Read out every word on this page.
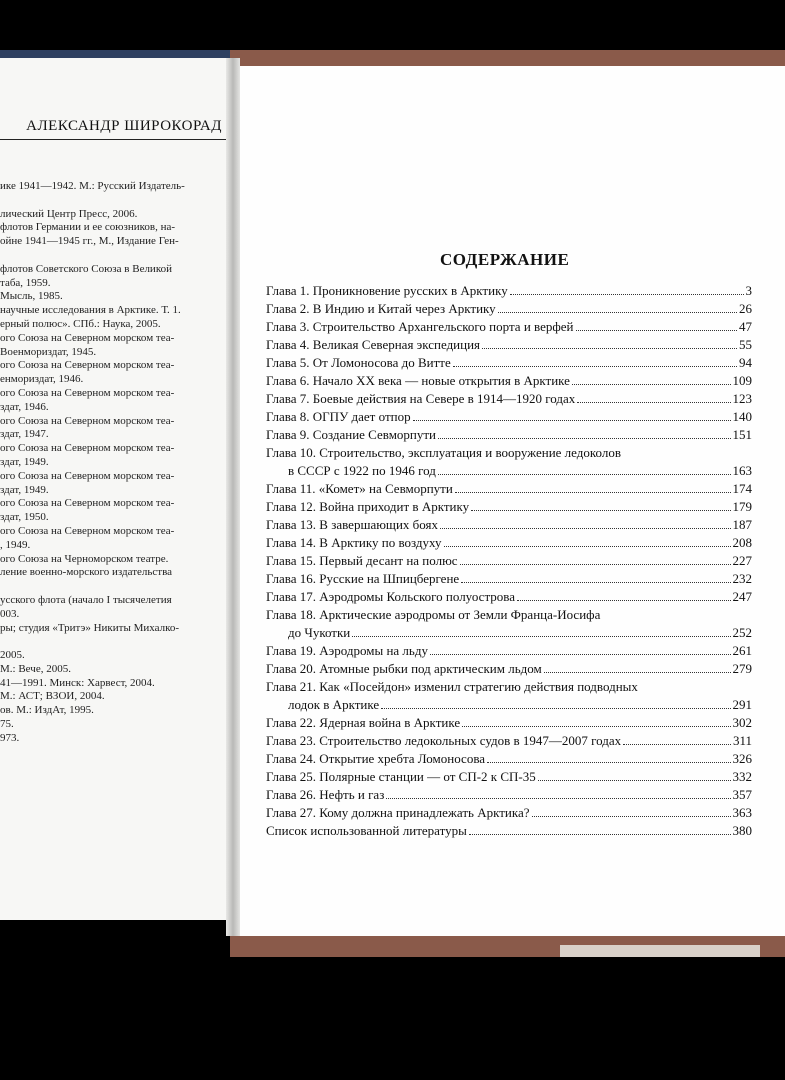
АЛЕКСАНДР ШИРОКОРАД
ике 1941—1942. М.: Русский Издатель-
лический Центр Пресс, 2006.
флотов Германии и ее союзников, на-
ойне 1941—1945 гг., М., Издание Ген-
флотов Советского Союза в Великой
таба, 1959.
Мысль, 1985.
научные исследования в Арктике. Т. 1.
ерный полюс». СПб.: Наука, 2005.
ого Союза на Северном морском теа-
Военмориздат, 1945.
ого Союза на Северном морском теа-
енмориздат, 1946.
ого Союза на Северном морском теа-
здат, 1946.
ого Союза на Северном морском теа-
здат, 1947.
ого Союза на Северном морском теа-
здат, 1949.
ого Союза на Северном морском теа-
здат, 1949.
ого Союза на Северном морском теа-
здат, 1950.
ого Союза на Северном морском теа-
, 1949.
ого Союза на Черноморском театре.
ление военно-морского издательства
усского флота (начало I тысячелетия
003.
ры; студия «Тритэ» Никиты Михалко-
2005.
М.: Вече, 2005.
41—1991. Минск: Харвест, 2004.
М.: АСТ; ВЗОИ, 2004.
ов. М.: ИздАт, 1995.
75.
973.
СОДЕРЖАНИЕ
Глава 1. Проникновение русских в Арктику	3
Глава 2. В Индию и Китай через Арктику	26
Глава 3. Строительство Архангельского порта и верфей	47
Глава 4. Великая Северная экспедиция	55
Глава 5. От Ломоносова до Витте	94
Глава 6. Начало XX века — новые открытия в Арктике	109
Глава 7. Боевые действия на Севере в 1914—1920 годах	123
Глава 8. ОГПУ дает отпор	140
Глава 9. Создание Севморпути	151
Глава 10. Строительство, эксплуатация и вооружение ледоколов
в СССР с 1922 по 1946 год	163
Глава 11. «Комет» на Севморпути	174
Глава 12. Война приходит в Арктику	179
Глава 13. В завершающих боях	187
Глава 14. В Арктику по воздуху	208
Глава 15. Первый десант на полюс	227
Глава 16. Русские на Шпицбергене	232
Глава 17. Аэродромы Кольского полуострова	247
Глава 18. Арктические аэродромы от Земли Франца-Иосифа
до Чукотки	252
Глава 19. Аэродромы на льду	261
Глава 20. Атомные рыбки под арктическим льдом	279
Глава 21. Как «Посейдон» изменил стратегию действия подводных
лодок в Арктике	291
Глава 22. Ядерная война в Арктике	302
Глава 23. Строительство ледокольных судов в 1947—2007 годах	311
Глава 24. Открытие хребта Ломоносова	326
Глава 25. Полярные станции — от СП-2 к СП-35	332
Глава 26. Нефть и газ	357
Глава 27. Кому должна принадлежать Арктика?	363
Список использованной литературы	380
